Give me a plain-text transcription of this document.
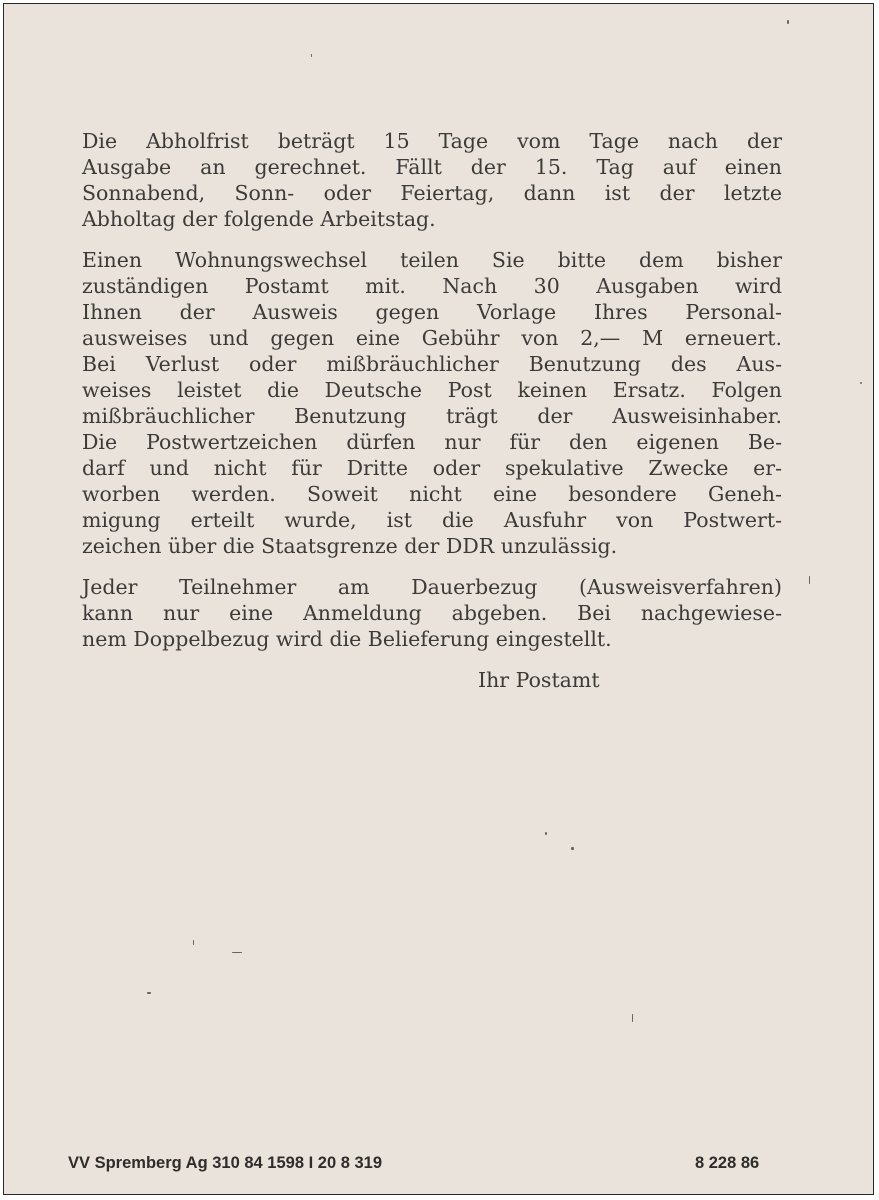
Die Abholfrist beträgt 15 Tage vom Tage nach der
Ausgabe an gerechnet. Fällt der 15. Tag auf einen
Sonnabend, Sonn- oder Feiertag, dann ist der letzte
Abholtag der folgende Arbeitstag.

Einen Wohnungswechsel teilen Sie bitte dem bisher
zuständigen Postamt mit. Nach 30 Ausgaben wird
Ihnen der Ausweis gegen Vorlage Ihres Personal-
ausweises und gegen eine Gebühr von 2,— M erneuert.
Bei Verlust oder mißbräuchlicher Benutzung des Aus-
weises leistet die Deutsche Post keinen Ersatz. Folgen
mißbräuchlicher Benutzung trägt der Ausweisinhaber.
Die Postwertzeichen dürfen nur für den eigenen Be-
darf und nicht für Dritte oder spekulative Zwecke er-
worben werden. Soweit nicht eine besondere Geneh-
migung erteilt wurde, ist die Ausfuhr von Postwert-
zeichen über die Staatsgrenze der DDR unzulässig.

Jeder Teilnehmer am Dauerbezug (Ausweisverfahren)
kann nur eine Anmeldung abgeben. Bei nachgewiese-
nem Doppelbezug wird die Belieferung eingestellt.

Ihr Postamt
VV Spremberg Ag 310 84 1598 I 20 8 319	8 228 86
